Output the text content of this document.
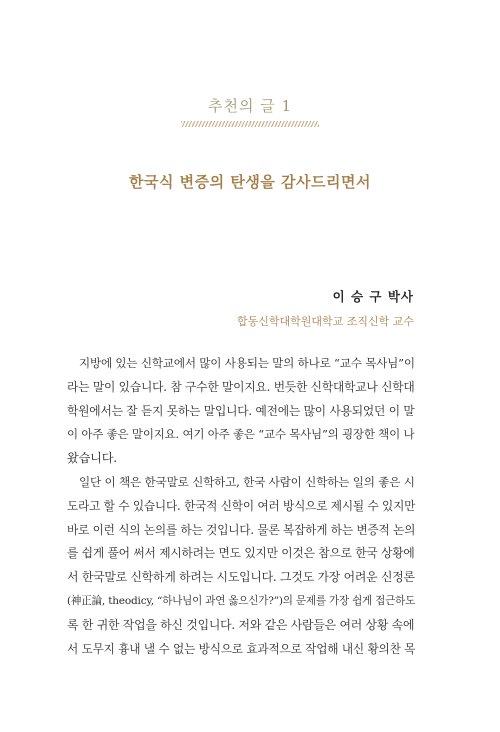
추천의 글 1
한국식 변증의 탄생을 감사드리면서
이 승 구 박사
합동신학대학원대학교 조직신학 교수
지방에 있는 신학교에서 많이 사용되는 말의 하나로 “교수 목사님”이
라는 말이 있습니다. 참 구수한 말이지요. 번듯한 신학대학교나 신학대
학원에서는 잘 듣지 못하는 말입니다. 예전에는 많이 사용되었던 이 말
이 아주 좋은 말이지요. 여기 아주 좋은 “교수 목사님”의 굉장한 책이 나
왔습니다.
일단 이 책은 한국말로 신학하고, 한국 사람이 신학하는 일의 좋은 시
도라고 할 수 있습니다. 한국적 신학이 여러 방식으로 제시될 수 있지만
바로 이런 식의 논의를 하는 것입니다. 물론 복잡하게 하는 변증적 논의
를 쉽게 풀어 써서 제시하려는 면도 있지만 이것은 참으로 한국 상황에
서 한국말로 신학하게 하려는 시도입니다. 그것도 가장 어려운 신정론
(神正論, theodicy, “하나님이 과연 옳으신가?”)의 문제를 가장 쉽게 접근하도
록 한 귀한 작업을 하신 것입니다. 저와 같은 사람들은 여러 상황 속에
서 도무지 흉내 낼 수 없는 방식으로 효과적으로 작업해 내신 황의찬 목
